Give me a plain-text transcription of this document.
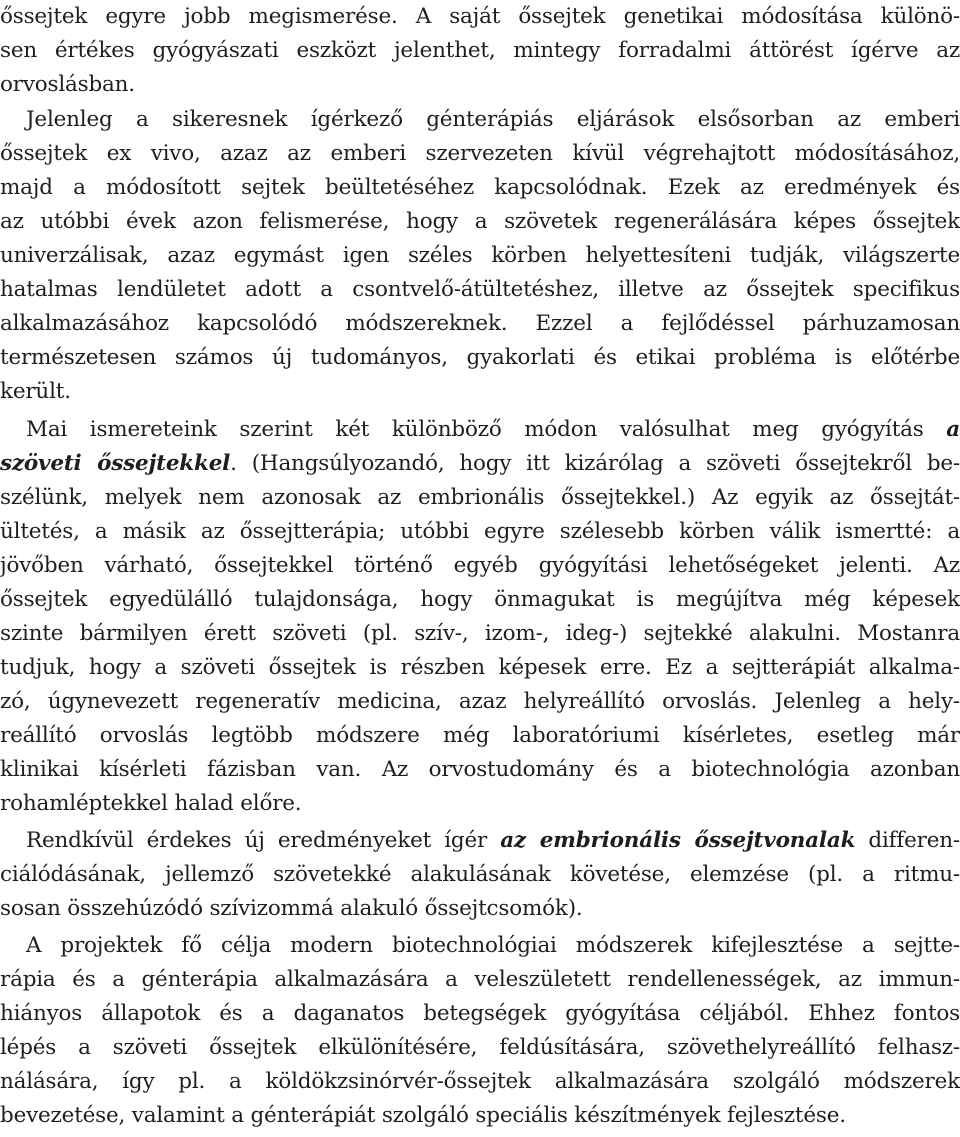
őssejtek egyre jobb megismerése. A saját őssejtek genetikai módosítása különö-
sen értékes gyógyászati eszközt jelenthet, mintegy forradalmi áttörést ígérve az
orvoslásban.
Jelenleg a sikeresnek ígérkező génterápiás eljárások elsősorban az emberi
őssejtek ex vivo, azaz az emberi szervezeten kívül végrehajtott módosításához,
majd a módosított sejtek beültetéséhez kapcsolódnak. Ezek az eredmények és
az utóbbi évek azon felismerése, hogy a szövetek regenerálására képes őssejtek
univerzálisak, azaz egymást igen széles körben helyettesíteni tudják, világszerte
hatalmas lendületet adott a csontvelő-átültetéshez, illetve az őssejtek specifikus
alkalmazásához kapcsolódó módszereknek. Ezzel a fejlődéssel párhuzamosan
természetesen számos új tudományos, gyakorlati és etikai probléma is előtérbe
került.
Mai ismereteink szerint két különböző módon valósulhat meg gyógyítás a
szöveti őssejtekkel. (Hangsúlyozandó, hogy itt kizárólag a szöveti őssejtekről be-
szélünk, melyek nem azonosak az embrionális őssejtekkel.) Az egyik az őssejtát-
ültetés, a másik az őssejtterápia; utóbbi egyre szélesebb körben válik ismertté: a
jövőben várható, őssejtekkel történő egyéb gyógyítási lehetőségeket jelenti. Az
őssejtek egyedülálló tulajdonsága, hogy önmagukat is megújítva még képesek
szinte bármilyen érett szöveti (pl. szív-, izom-, ideg-) sejtekké alakulni. Mostanra
tudjuk, hogy a szöveti őssejtek is részben képesek erre. Ez a sejtterápiát alkalma-
zó, úgynevezett regeneratív medicina, azaz helyreállító orvoslás. Jelenleg a hely-
reállító orvoslás legtöbb módszere még laboratóriumi kísérletes, esetleg már
klinikai kísérleti fázisban van. Az orvostudomány és a biotechnológia azonban
rohamléptekkel halad előre.
Rendkívül érdekes új eredményeket ígér az embrionális őssejtvonalak differen-
ciálódásának, jellemző szövetekké alakulásának követése, elemzése (pl. a ritmu-
sosan összehúzódó szívizommá alakuló őssejtcsomók).
A projektek fő célja modern biotechnológiai módszerek kifejlesztése a sejtte-
rápia és a génterápia alkalmazására a veleszületett rendellenességek, az immun-
hiányos állapotok és a daganatos betegségek gyógyítása céljából. Ehhez fontos
lépés a szöveti őssejtek elkülönítésére, feldúsítására, szövethelyreállító felhasz-
nálására, így pl. a köldökzsinórvér-őssejtek alkalmazására szolgáló módszerek
bevezetése, valamint a génterápiát szolgáló speciális készítmények fejlesztése.
